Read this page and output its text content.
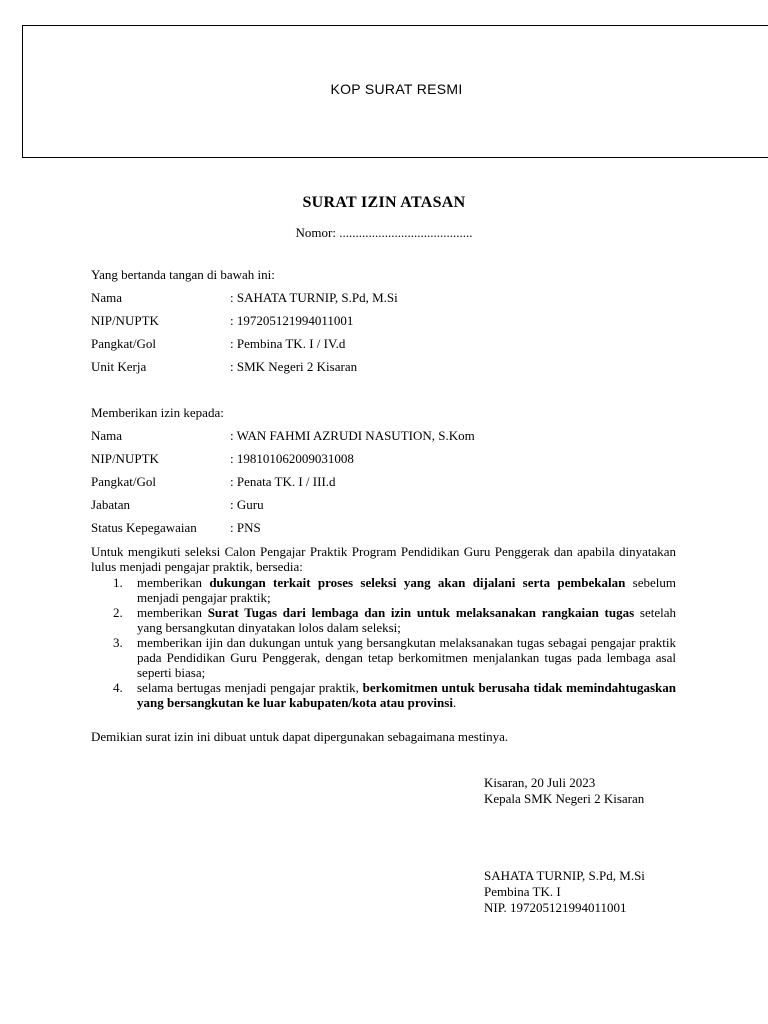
KOP SURAT RESMI
SURAT IZIN ATASAN
Nomor: .........................................
Yang bertanda tangan di bawah ini:
Nama	: SAHATA TURNIP, S.Pd, M.Si
NIP/NUPTK	: 197205121994011001
Pangkat/Gol	: Pembina TK. I / IV.d
Unit Kerja	: SMK Negeri 2 Kisaran
Memberikan izin kepada:
Nama	: WAN FAHMI AZRUDI NASUTION, S.Kom
NIP/NUPTK	: 198101062009031008
Pangkat/Gol	: Penata TK. I / III.d
Jabatan	: Guru
Status Kepegawaian	: PNS
Untuk mengikuti seleksi Calon Pengajar Praktik Program Pendidikan Guru Penggerak dan apabila dinyatakan lulus menjadi pengajar praktik, bersedia:
1. memberikan dukungan terkait proses seleksi yang akan dijalani serta pembekalan sebelum menjadi pengajar praktik;
2. memberikan Surat Tugas dari lembaga dan izin untuk melaksanakan rangkaian tugas setelah yang bersangkutan dinyatakan lolos dalam seleksi;
3. memberikan ijin dan dukungan untuk yang bersangkutan melaksanakan tugas sebagai pengajar praktik pada Pendidikan Guru Penggerak, dengan tetap berkomitmen menjalankan tugas pada lembaga asal seperti biasa;
4. selama bertugas menjadi pengajar praktik, berkomitmen untuk berusaha tidak memindahtugaskan yang bersangkutan ke luar kabupaten/kota atau provinsi.
Demikian surat izin ini dibuat untuk dapat dipergunakan sebagaimana mestinya.
Kisaran, 20 Juli 2023
Kepala SMK Negeri 2 Kisaran
SAHATA TURNIP, S.Pd, M.Si
Pembina TK. I
NIP. 197205121994011001
